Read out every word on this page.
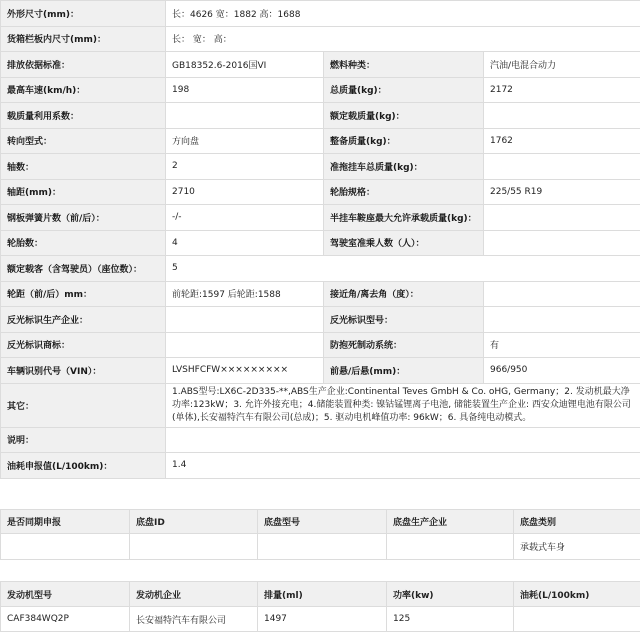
外形尺寸(mm)：	长：4626 宽：1882 高：1688		
货箱栏板内尺寸(mm)：	长： 宽： 高：		
排放依据标准：	GB18352.6-2016国VI	燃料种类：	汽油/电混合动力
最高车速(km/h)：	198	总质量(kg)：	2172
载质量利用系数：		额定载质量(kg)：	
转向型式：	方向盘	整备质量(kg)：	1762
轴数：	2	准拖挂车总质量(kg)：	
轴距(mm)：	2710	轮胎规格：	225/55 R19
钢板弹簧片数（前/后）：	-/-	半挂车鞍座最大允许承载质量(kg)：	
轮胎数：	4	驾驶室准乘人数（人）：	
额定载客（含驾驶员）（座位数）：	5		
轮距（前/后）mm：	前轮距:1597 后轮距:1588	接近角/离去角（度）：	
反光标识生产企业：		反光标识型号：	
反光标识商标：		防抱死制动系统：	有
车辆识别代号（VIN）：	LVSHFCFW×××××××××	前悬/后悬(mm)：	966/950
其它：	1.ABS型号:LX6C-2D335-**,ABS生产企业:Continental Teves GmbH & Co. oHG, Germany；2. 发动机最大净功率:123kW；3. 允许外接充电；4.储能装置种类: 镍钴锰锂离子电池, 储能装置生产企业: 西安众迪锂电池有限公司(单体),长安福特汽车有限公司(总成)；5. 驱动电机峰值功率: 96kW；6. 具备纯电动模式。		
说明：			
油耗申报值(L/100km)：	1.4		
是否同期申报	底盘ID	底盘型号	底盘生产企业	底盘类别
				承载式车身
发动机型号	发动机企业	排量(ml)	功率(kw)	油耗(L/100km)
CAF384WQ2P	长安福特汽车有限公司	1497	125	
